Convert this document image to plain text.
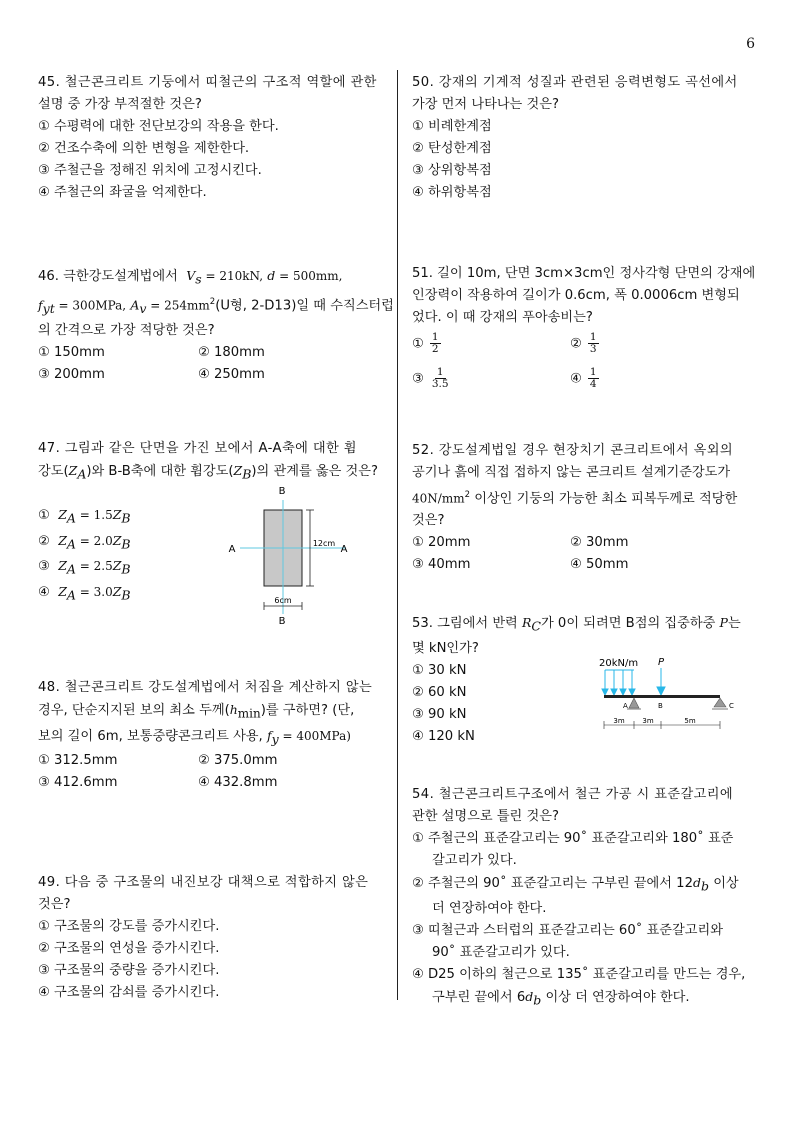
6

45. 철근콘크리트 기둥에서 띠철근의 구조적 역할에 관한

설명 중 가장 부적절한 것은?

① 수평력에 대한 전단보강의 작용을 한다.

② 건조수축에 의한 변형을 제한한다.

③ 주철근을 정해진 위치에 고정시킨다.

④ 주철근의 좌굴을 억제한다.

46. 극한강도설계법에서 $V_s = 210kN$, d = 500mm,

$f_{yt} = 300MPa$, $A_v = 254mm^2(U$형, 2-D13)일 때 수직스터럽

의 간격으로 가장 적당한 것은?

① 150mm	② 180mm
③ 200mm	④ 250mm

47. 그림과 같은 단면을 가진 보에서 A-A축에 대한 휨

강도$(Z_A)$와 B-B축에 대한 휨강도$(Z_B)$의 관계를 옳은 것은?

① $Z_A = 1.5Z_B$

② $Z_A = 2.0Z_B$

③ $Z_A = 2.5Z_B$

④ $Z_A = 3.0Z_B$

B
A	A
12cm
6cm
B

48. 철근콘크리트 강도설계법에서 처짐을 계산하지 않는

경우, 단순지지된 보의 최소 두께$(h_{min})$를 구하면? (단,

보의 길이 6m, 보통중량콘크리트 사용, $f_y = 400MPa$)

① 312.5mm	② 375.0mm
③ 412.6mm	④ 432.8mm

49. 다음 중 구조물의 내진보강 대책으로 적합하지 않은

것은?

① 구조물의 강도를 증가시킨다.

② 구조물의 연성을 증가시킨다.

③ 구조물의 중량을 증가시킨다.

④ 구조물의 감쇠를 증가시킨다.

50. 강재의 기계적 성질과 관련된 응력변형도 곡선에서

가장 먼저 나타나는 것은?

① 비례한계점

② 탄성한계점

③ 상위항복점

④ 하위항복점

51. 길이 10m, 단면 3cm×3cm인 정사각형 단면의 강재에

인장력이 작용하여 길이가 0.6cm, 폭 0.0006cm 변형되

었다. 이 때 강재의 푸아송비는?

① $\frac{1}{2}$	② $\frac{1}{3}$
③ $\frac{1}{3.5}$	④ $\frac{1}{4}$

52. 강도설계법일 경우 현장치기 콘크리트에서 옥외의

공기나 흙에 직접 접하지 않는 콘크리트 설계기준강도가

$40N/mm^2$ 이상인 기둥의 가능한 최소 피복두께로 적당한

것은?

① 20mm	② 30mm
③ 40mm	④ 50mm

53. 그림에서 반력 $R_C$가 0이 되려면 B점의 집중하중 P는

몇 kN인가?

① 30 kN

② 60 kN

③ 90 kN

④ 120 kN

20kN/m P
A	B	C
3m	3m	5m

54. 철근콘크리트구조에서 철근 가공 시 표준갈고리에

관한 설명으로 틀린 것은?

① 주철근의 표준갈고리는 90˚ 표준갈고리와 180˚ 표준

갈고리가 있다.

② 주철근의 90˚ 표준갈고리는 구부린 끝에서 $12d_b$ 이상

더 연장하여야 한다.

③ 띠철근과 스터럽의 표준갈고리는 60˚ 표준갈고리와

90˚ 표준갈고리가 있다.

④ D25 이하의 철근으로 135˚ 표준갈고리를 만드는 경우,

구부린 끝에서 $6d_b$ 이상 더 연장하여야 한다.
